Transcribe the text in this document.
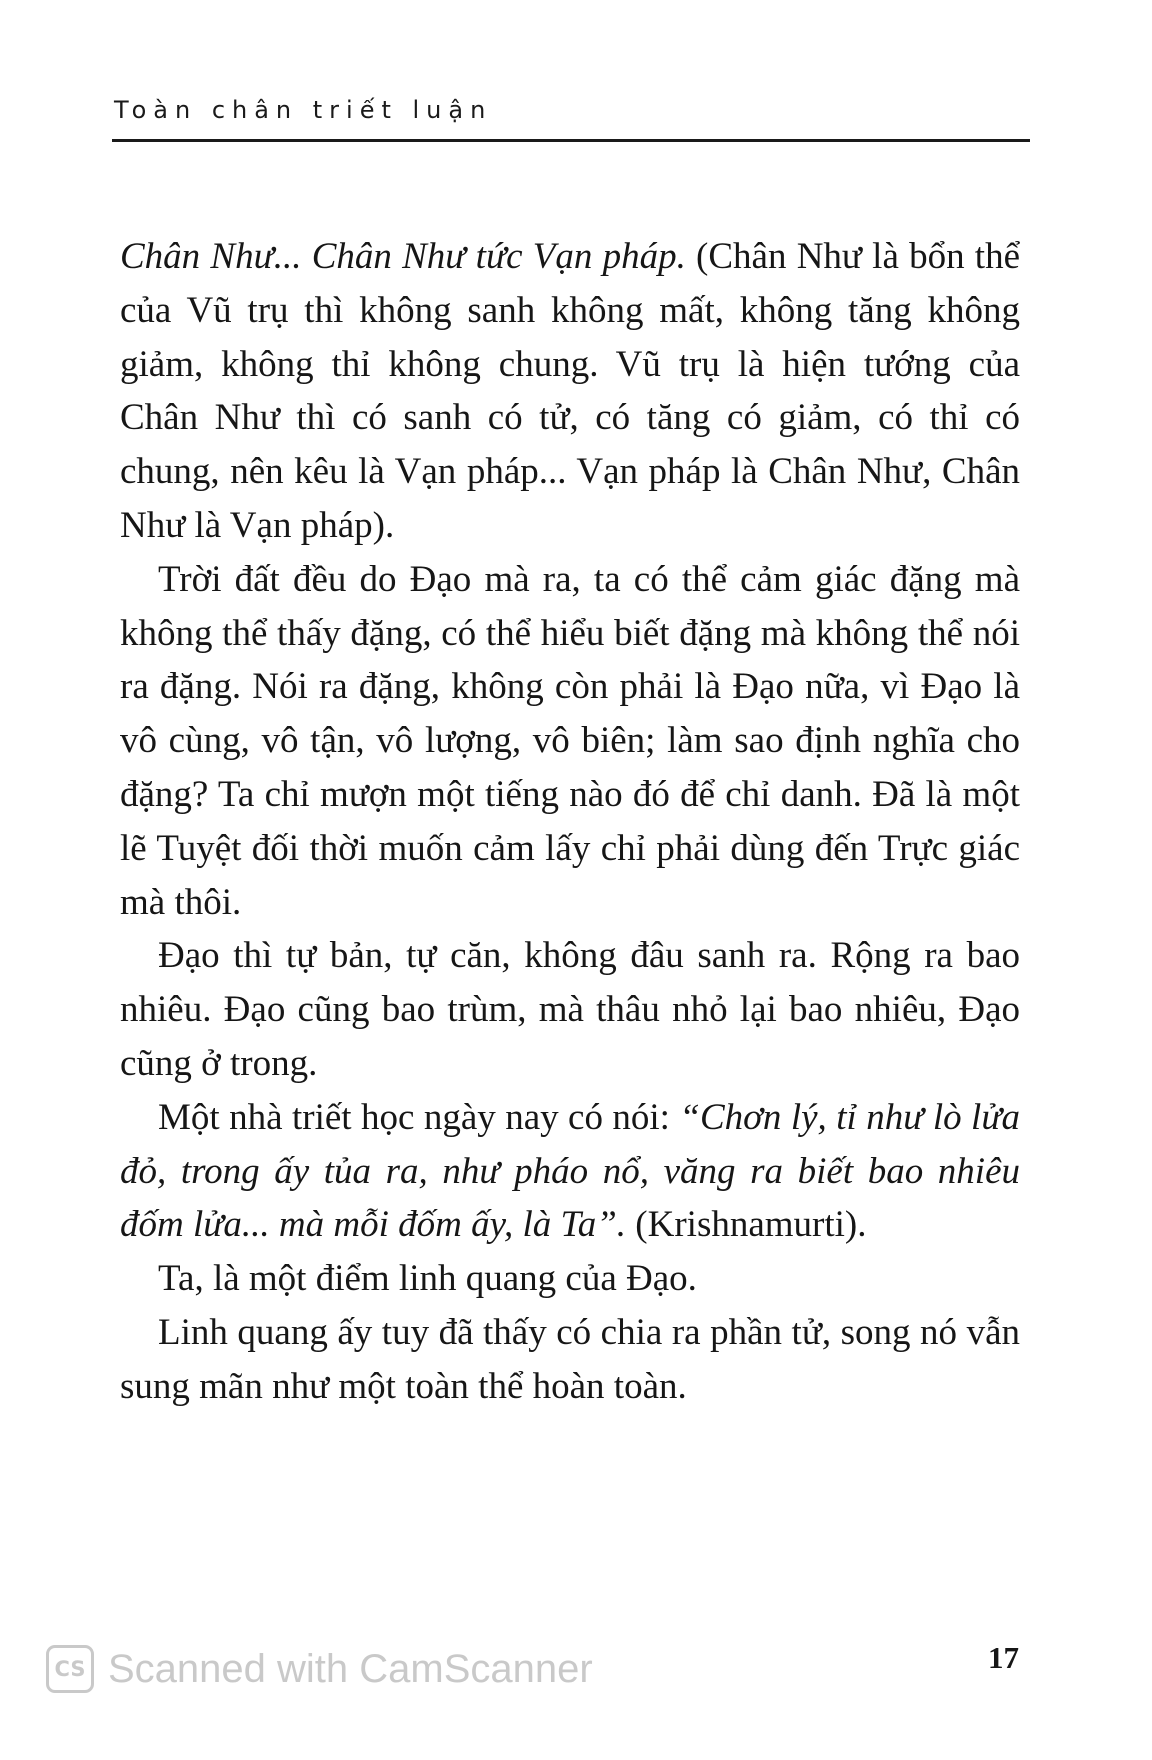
Toàn chân triết luận

Chân Như... Chân Như tức Vạn pháp. (Chân Như là bổn thể của Vũ trụ thì không sanh không mất, không tăng không giảm, không thỉ không chung. Vũ trụ là hiện tướng của Chân Như thì có sanh có tử, có tăng có giảm, có thỉ có chung, nên kêu là Vạn pháp... Vạn pháp là Chân Như, Chân Như là Vạn pháp).

Trời đất đều do Đạo mà ra, ta có thể cảm giác đặng mà không thể thấy đặng, có thể hiểu biết đặng mà không thể nói ra đặng. Nói ra đặng, không còn phải là Đạo nữa, vì Đạo là vô cùng, vô tận, vô lượng, vô biên; làm sao định nghĩa cho đặng? Ta chỉ mượn một tiếng nào đó để chỉ danh. Đã là một lẽ Tuyệt đối thời muốn cảm lấy chỉ phải dùng đến Trực giác mà thôi.

Đạo thì tự bản, tự căn, không đâu sanh ra. Rộng ra bao nhiêu. Đạo cũng bao trùm, mà thâu nhỏ lại bao nhiêu, Đạo cũng ở trong.

Một nhà triết học ngày nay có nói: “Chơn lý, tỉ như lò lửa đỏ, trong ấy tủa ra, như pháo nổ, văng ra biết bao nhiêu đốm lửa... mà mỗi đốm ấy, là Ta”. (Krishnamurti).

Ta, là một điểm linh quang của Đạo.

Linh quang ấy tuy đã thấy có chia ra phần tử, song nó vẫn sung mãn như một toàn thể hoàn toàn.

CS Scanned with CamScanner	17
